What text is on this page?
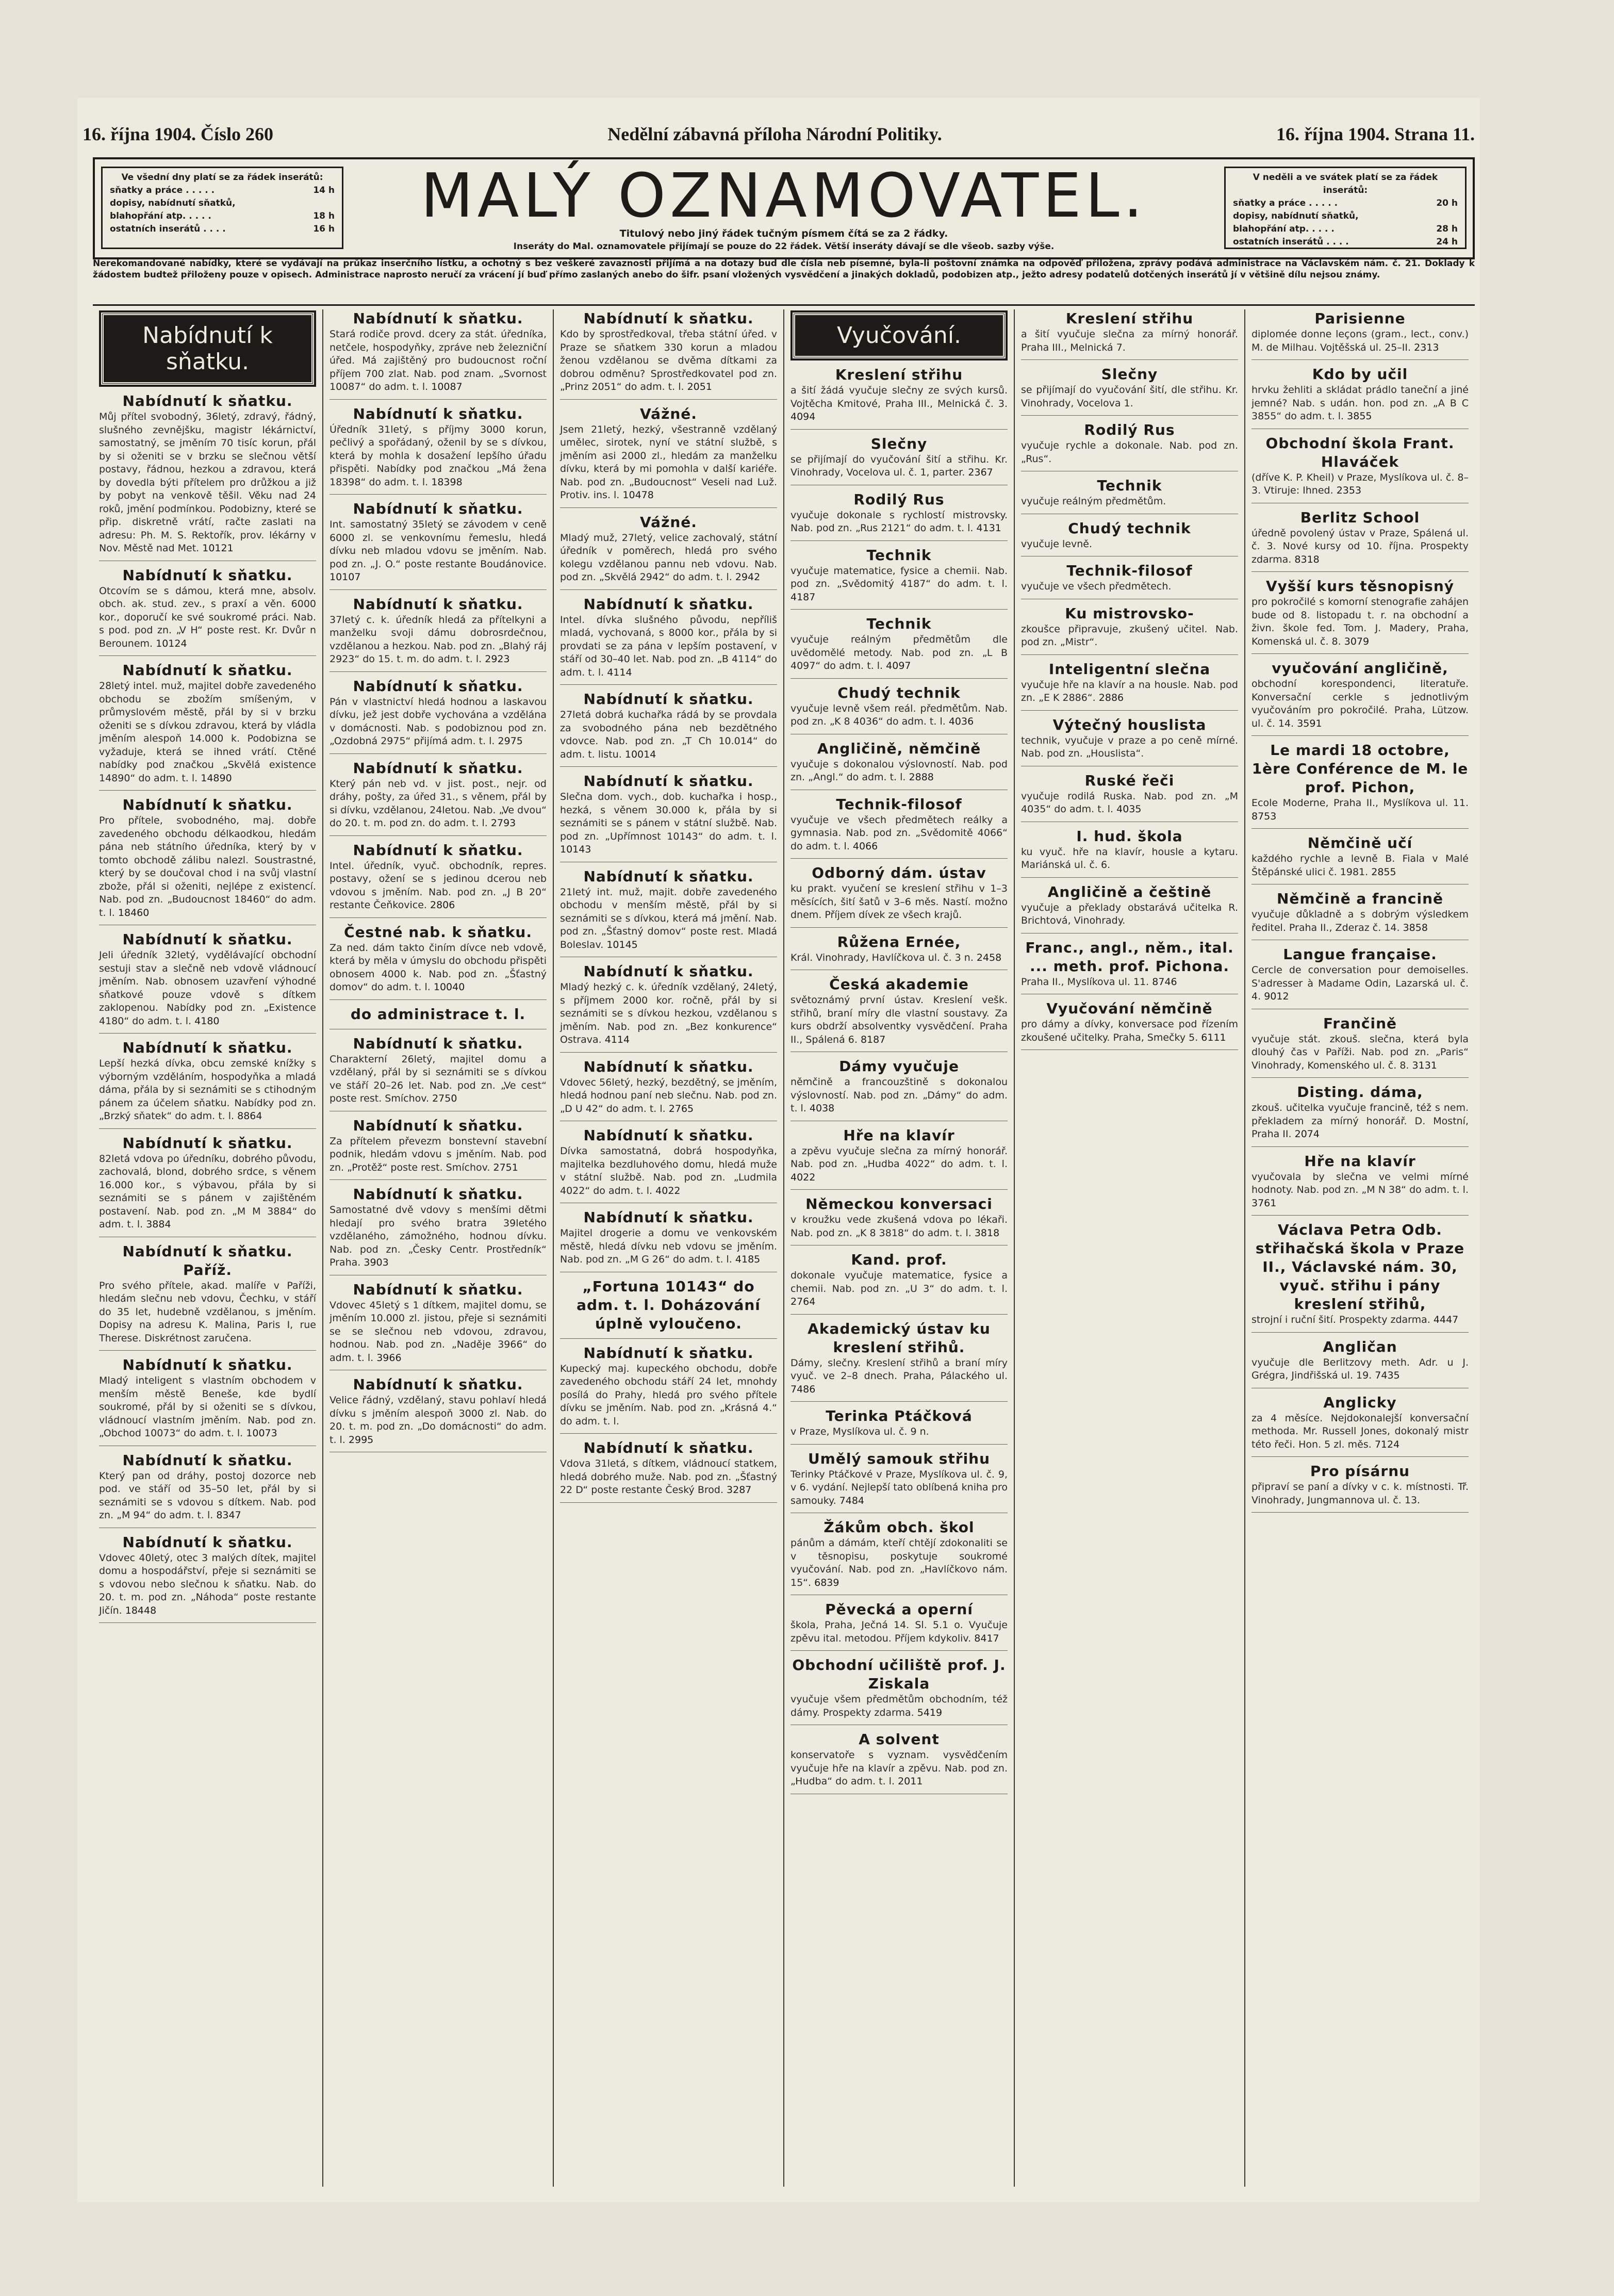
16. října 1904. Číslo 260	Nedělní zábavná příloha Národní Politiky.	16. října 1904. Strana 11.
Ve všední dny platí se za řádek inserátů:
sňatky a práce . . . . .	14 h
dopisy, nabídnutí sňatků,
blahopřání atp. . . . .	18 h
ostatních inserátů . . . .	16 h	MALÝ OZNAMOVATEL.
Titulový nebo jiný řádek tučným písmem čítá se za 2 řádky.
Inseráty do Mal. oznamovatele přijímají se pouze do 22 řádek. Větší inseráty dávají se dle všeob. sazby výše.
V neděli a ve svátek platí se za řádek inserátů:
sňatky a práce . . . . .	20 h
dopisy, nabídnutí sňatků,
blahopřání atp. . . . .	28 h
ostatních inserátů . . . .	24 h
Nerekomandované nabídky, které se vydávají na průkaz inserčního lístku, a ochotný s bez veškeré zavaznosti přijímá a na dotazy bud dle čísla neb písemné, byla-li poštovní známka na odpověď přiložena, zprávy podává administrace na Václavském nám. č. 21. Doklady k žádostem budtež přiloženy pouze v opisech. Administrace naprosto neručí za vrácení jí buď přímo zaslaných anebo do šifr. psaní vložených vysvědčení a jinakých dokladů, podobizen atp., ježto adresy podatelů dotčených inserátů jí v většině dílu nejsou známy.
Nabídnutí k sňatku.
Nabídnutí k sňatku.
Můj přítel svobodný, 36letý, zdravý, řádný, slušného zevnějšku, magistr lékárnictví, samostatný, se jměním 70 tisíc korun, přál by si oženiti se v brzku se slečnou větší postavy, řádnou, hezkou a zdravou, která by dovedla býti přítelem pro drůžkou a již by pobyt na venkově těšil. Věku nad 24 roků, jmění podmínkou. Podobizny, které se přip. diskretně vrátí, račte zaslati na adresu: Ph. M. S. Rektořík, prov. lékárny v Nov. Městě nad Met. 10121
Nabídnutí k sňatku.
Otcovím se s dámou, která mne, absolv. obch. ak. stud. zev., s praxí a věn. 6000 kor., doporučí ke své soukromé práci. Nab. s pod. pod zn. „V H“ poste rest. Kr. Dvůr n Berounem. 10124
Nabídnutí k sňatku.
28letý intel. muž, majitel dobře zavedeného obchodu se zbožím smíšeným, v průmyslovém městě, přál by si v brzku oženiti se s dívkou zdravou, která by vládla jměním alespoň 14.000 k. Podobizna se vyžaduje, která se ihned vrátí. Ctěné nabídky pod značkou „Skvělá existence 14890“ do adm. t. l. 14890
Nabídnutí k sňatku.
Pro přítele, svobodného, maj. dobře zavedeného obchodu délkaodkou, hledám pána neb státního úředníka, který by v tomto obchodě zálibu nalezl. Soustrastné, který by se doučoval chod i na svůj vlastní zbože, přál si oženiti, nejlépe z existencí. Nab. pod zn. „Budoucnost 18460“ do adm. t. l. 18460
Nabídnutí k sňatku.
Jeli úředník 32letý, vydělávající obchodní sestuji stav a slečně neb vdově vládnoucí jměním. Nab. obnosem uzavření výhodné sňatkové pouze vdově s dítkem zaklopenou. Nabídky pod zn. „Existence 4180“ do adm. t. l. 4180
Nabídnutí k sňatku.
Lepší hezká dívka, obcu zemské knížky s výborným vzděláním, hospodyňka a mladá dáma, přála by si seznámiti se s ctihodným pánem za účelem sňatku. Nabídky pod zn. „Brzký sňatek“ do adm. t. l. 8864
Nabídnutí k sňatku.
82letá vdova po úředníku, dobrého původu, zachovalá, blond, dobrého srdce, s věnem 16.000 kor., s výbavou, přála by si seznámiti se s pánem v zajištěném postavení. Nab. pod zn. „M M 3884“ do adm. t. l. 3884
Nabídnutí k sňatku. Paříž.
Pro svého přítele, akad. malíře v Paříži, hledám slečnu neb vdovu, Čechku, v stáří do 35 let, hudebně vzdělanou, s jměním. Dopisy na adresu K. Malina, Paris I, rue Therese. Diskrétnost zaručena.
Nabídnutí k sňatku.
Mladý inteligent s vlastním obchodem v menším městě Beneše, kde bydlí soukromé, přál by si oženiti se s dívkou, vládnoucí vlastním jměním. Nab. pod zn. „Obchod 10073“ do adm. t. l. 10073
Nabídnutí k sňatku.
Který pan od dráhy, postoj dozorce neb pod. ve stáří od 35–50 let, přál by si seznámiti se s vdovou s dítkem. Nab. pod zn. „M 94“ do adm. t. l. 8347
Nabídnutí k sňatku.
Vdovec 40letý, otec 3 malých dítek, majitel domu a hospodářství, přeje si seznámiti se s vdovou nebo slečnou k sňatku. Nab. do 20. t. m. pod zn. „Náhoda“ poste restante Jičín. 18448
Nabídnutí k sňatku.
Stará rodiče provd. dcery za stát. úředníka, netčele, hospodyňky, zpráve neb železniční úřed. Má zajištěný pro budoucnost roční příjem 700 zlat. Nab. pod znam. „Svornost 10087“ do adm. t. l. 10087
Nabídnutí k sňatku.
Úředník 31letý, s příjmy 3000 korun, pečlivý a spořádaný, oženil by se s dívkou, která by mohla k dosažení lepšího úřadu přispěti. Nabídky pod značkou „Má žena 18398“ do adm. t. l. 18398
Nabídnutí k sňatku.
Int. samostatný 35letý se závodem v ceně 6000 zl. se venkovnímu řemeslu, hledá dívku neb mladou vdovu se jměním. Nab. pod zn. „J. O.“ poste restante Boudánovice. 10107
Nabídnutí k sňatku.
37letý c. k. úředník hledá za přítelkyni a manželku svoji dámu dobrosrdečnou, vzdělanou a hezkou. Nab. pod zn. „Blahý ráj 2923“ do 15. t. m. do adm. t. l. 2923
Nabídnutí k sňatku.
Pán v vlastnictví hledá hodnou a laskavou dívku, jež jest dobře vychována a vzdělána v domácnosti. Nab. s podobiznou pod zn. „Ozdobná 2975“ přijímá adm. t. l. 2975
Nabídnutí k sňatku.
Který pán neb vd. v jist. post., nejr. od dráhy, pošty, za úřed 31., s věnem, přál by si dívku, vzdělanou, 24letou. Nab. „Ve dvou“ do 20. t. m. pod zn. do adm. t. l. 2793
Nabídnutí k sňatku.
Intel. úředník, vyuč. obchodník, repres. postavy, ožení se s jedinou dcerou neb vdovou s jměním. Nab. pod zn. „J B 20“ restante Čeňkovice. 2806
Čestné nab. k sňatku.
Za ned. dám takto činím dívce neb vdově, která by měla v úmyslu do obchodu přispěti obnosem 4000 k. Nab. pod zn. „Šťastný domov“ do adm. t. l. 10040
do administrace t. l.
Nabídnutí k sňatku.
Charakterní 26letý, majitel domu a vzdělaný, přál by si seznámiti se s dívkou ve stáří 20–26 let. Nab. pod zn. „Ve cest“ poste rest. Smíchov. 2750
Nabídnutí k sňatku.
Za přítelem převezm bonstevní stavební podnik, hledám vdovu s jměním. Nab. pod zn. „Protěž“ poste rest. Smíchov. 2751
Nabídnutí k sňatku.
Samostatné dvě vdovy s menšími dětmi hledají pro svého bratra 39letého vzdělaného, zámožného, hodnou dívku. Nab. pod zn. „Česky Centr. Prostředník“ Praha. 3903
Nabídnutí k sňatku.
Vdovec 45letý s 1 dítkem, majitel domu, se jměním 10.000 zl. jistou, přeje si seznámiti se se slečnou neb vdovou, zdravou, hodnou. Nab. pod zn. „Naděje 3966“ do adm. t. l. 3966
Nabídnutí k sňatku.
Velice řádný, vzdělaný, stavu pohlaví hledá dívku s jměním alespoň 3000 zl. Nab. do 20. t. m. pod zn. „Do domácnosti“ do adm. t. l. 2995
Nabídnutí k sňatku.
Kdo by sprostředkoval, třeba státní úřed. v Praze se sňatkem 330 korun a mladou ženou vzdělanou se dvěma dítkami za dobrou odměnu? Sprostředkovatel pod zn. „Prinz 2051“ do adm. t. l. 2051
Vážné.
Jsem 21letý, hezký, všestranně vzdělaný umělec, sirotek, nyní ve státní službě, s jměním asi 2000 zl., hledám za manželku dívku, která by mi pomohla v další kariéře. Nab. pod zn. „Budoucnost“ Veseli nad Luž. Protiv. ins. l. 10478
Vážné.
Mladý muž, 27letý, velice zachovalý, státní úředník v poměrech, hledá pro svého kolegu vzdělanou pannu neb vdovu. Nab. pod zn. „Skvělá 2942“ do adm. t. l. 2942
Nabídnutí k sňatku.
Intel. dívka slušného původu, nepříliš mladá, vychovaná, s 8000 kor., přála by si provdati se za pána v lepším postavení, v stáří od 30–40 let. Nab. pod zn. „B 4114“ do adm. t. l. 4114
Nabídnutí k sňatku.
27letá dobrá kuchařka rádá by se provdala za svobodného pána neb bezdětného vdovce. Nab. pod zn. „T Ch 10.014“ do adm. t. listu. 10014
Nabídnutí k sňatku.
Slečna dom. vych., dob. kuchařka i hosp., hezká, s věnem 30.000 k, přála by si seznámiti se s pánem v státní službě. Nab. pod zn. „Upřímnost 10143“ do adm. t. l. 10143
Nabídnutí k sňatku.
21letý int. muž, majit. dobře zavedeného obchodu v menším městě, přál by si seznámiti se s dívkou, která má jmění. Nab. pod zn. „Šťastný domov“ poste rest. Mladá Boleslav. 10145
Nabídnutí k sňatku.
Mladý hezký c. k. úředník vzdělaný, 24letý, s příjmem 2000 kor. ročně, přál by si seznámiti se s dívkou hezkou, vzdělanou s jměním. Nab. pod zn. „Bez konkurence“ Ostrava. 4114
Nabídnutí k sňatku.
Vdovec 56letý, hezký, bezdětný, se jměním, hledá hodnou paní neb slečnu. Nab. pod zn. „D U 42“ do adm. t. l. 2765
Nabídnutí k sňatku.
Dívka samostatná, dobrá hospodyňka, majitelka bezdluhového domu, hledá muže v státní službě. Nab. pod zn. „Ludmila 4022“ do adm. t. l. 4022
Nabídnutí k sňatku.
Majitel drogerie a domu ve venkovském městě, hledá dívku neb vdovu se jměním. Nab. pod zn. „M G 26“ do adm. t. l. 4185
„Fortuna 10143“ do adm. t. l. Doházování úplně vyloučeno.
Nabídnutí k sňatku.
Kupecký maj. kupeckého obchodu, dobře zavedeného obchodu stáří 24 let, mnohdy posílá do Prahy, hledá pro svého přítele dívku se jměním. Nab. pod zn. „Krásná 4.“ do adm. t. l.
Nabídnutí k sňatku.
Vdova 31letá, s dítkem, vládnoucí statkem, hledá dobrého muže. Nab. pod zn. „Šťastný 22 D“ poste restante Český Brod. 3287
Vyučování.
Kreslení střihu
a šití žádá vyučuje slečny ze svých kursů. Vojtěcha Kmitové, Praha III., Melnická č. 3. 4094
Slečny
se přijímají do vyučování šití a střihu. Kr. Vinohrady, Vocelova ul. č. 1, parter. 2367
Rodilý Rus
vyučuje dokonale s rychlostí mistrovsky. Nab. pod zn. „Rus 2121“ do adm. t. l. 4131
Technik
vyučuje matematice, fysice a chemii. Nab. pod zn. „Svědomitý 4187“ do adm. t. l. 4187
Technik
vyučuje reálným předmětům dle uvědomělé metody. Nab. pod zn. „L B 4097“ do adm. t. l. 4097
Chudý technik
vyučuje levně všem reál. předmětům. Nab. pod zn. „K 8 4036“ do adm. t. l. 4036
Angličině, němčině
vyučuje s dokonalou výslovností. Nab. pod zn. „Angl.“ do adm. t. l. 2888
Technik-filosof
vyučuje ve všech předmětech reálky a gymnasia. Nab. pod zn. „Svědomitě 4066“ do adm. t. l. 4066
Odborný dám. ústav
ku prakt. vyučení se kreslení střihu v 1–3 měsících, šití šatů v 3–6 měs. Nastí. možno dnem. Příjem dívek ze všech krajů.
Růžena Ernée,
Král. Vinohrady, Havlíčkova ul. č. 3 n. 2458
Česká akademie
světoznámý první ústav. Kreslení vešk. střihů, braní míry dle vlastní soustavy. Za kurs obdrží absolventky vysvědčení. Praha II., Spálená 6. 8187
Dámy vyučuje
němčině a francouzštině s dokonalou výslovností. Nab. pod zn. „Dámy“ do adm. t. l. 4038
Hře na klavír
a zpěvu vyučuje slečna za mírný honorář. Nab. pod zn. „Hudba 4022“ do adm. t. l. 4022
Německou konversaci
v kroužku vede zkušená vdova po lékaři. Nab. pod zn. „K 8 3818“ do adm. t. l. 3818
Kand. prof.
dokonale vyučuje matematice, fysice a chemii. Nab. pod zn. „U 3“ do adm. t. l. 2764
Akademický ústav ku kreslení střihů.
Dámy, slečny. Kreslení střihů a braní míry vyuč. ve 2–8 dnech. Praha, Pálackého ul. 7486
Terinka Ptáčková
v Praze, Myslíkova ul. č. 9 n.
Umělý samouk střihu
Terinky Ptáčkové v Praze, Myslíkova ul. č. 9, v 6. vydání. Nejlepší tato oblíbená kniha pro samouky. 7484
Žákům obch. škol
pánům a dámám, kteří chtějí zdokonaliti se v těsnopisu, poskytuje soukromé vyučování. Nab. pod zn. „Havlíčkovo nám. 15“. 6839
Pěvecká a operní
škola, Praha, Ječná 14. Sl. 5.1 o. Vyučuje zpěvu ital. metodou. Příjem kdykoliv. 8417
Obchodní učiliště prof. J. Ziskala
vyučuje všem předmětům obchodním, též dámy. Prospekty zdarma. 5419
A solvent
konservatoře s vyznam. vysvědčením vyučuje hře na klavír a zpěvu. Nab. pod zn. „Hudba“ do adm. t. l. 2011
Kreslení střihu
a šití vyučuje slečna za mírný honorář. Praha III., Melnická 7.
Slečny
se přijímají do vyučování šití, dle střihu. Kr. Vinohrady, Vocelova 1.
Rodilý Rus
vyučuje rychle a dokonale. Nab. pod zn. „Rus“.
Technik
vyučuje reálným předmětům.
Chudý technik
vyučuje levně.
Technik-filosof
vyučuje ve všech předmětech.
Ku mistrovsko-
zkoušce připravuje, zkušený učitel. Nab. pod zn. „Mistr“.
Inteligentní slečna
vyučuje hře na klavír a na housle. Nab. pod zn. „E K 2886“. 2886
Výtečný houslista
technik, vyučuje v praze a po ceně mírné. Nab. pod zn. „Houslista“.
Ruské řeči
vyučuje rodilá Ruska. Nab. pod zn. „M 4035“ do adm. t. l. 4035
I. hud. škola
ku vyuč. hře na klavír, housle a kytaru. Mariánská ul. č. 6.
Angličině a češtině
vyučuje a překlady obstarává učitelka R. Brichtová, Vinohrady.
Franc., angl., něm., ital. ... meth. prof. Pichona.
Praha II., Myslíkova ul. 11. 8746
Vyučování němčině
pro dámy a dívky, konversace pod řízením zkoušené učitelky. Praha, Smečky 5. 6111
Parisienne
diplomée donne leçons (gram., lect., conv.) M. de Milhau. Vojtěšská ul. 25–II. 2313
Kdo by učil
hrvku žehliti a skládat prádlo taneční a jiné jemné? Nab. s udán. hon. pod zn. „A B C 3855“ do adm. t. l. 3855
Obchodní škola Frant. Hlaváček
(dříve K. P. Kheil) v Praze, Myslíkova ul. č. 8–3. Vtiruje: Ihned. 2353
Berlitz School
úředně povolený ústav v Praze, Spálená ul. č. 3. Nové kursy od 10. října. Prospekty zdarma. 8318
Vyšší kurs těsnopisný
pro pokročilé s komorní stenografie zahájen bude od 8. listopadu t. r. na obchodní a živn. škole fed. Tom. J. Madery, Praha, Komenská ul. č. 8. 3079
vyučování angličině,
obchodní korespondenci, literatuře. Konversační cerkle s jednotlivým vyučováním pro pokročilé. Praha, Lützow. ul. č. 14. 3591
Le mardi 18 octobre, 1ère Conférence de M. le prof. Pichon,
Ecole Moderne, Praha II., Myslíkova ul. 11. 8753
Němčině učí
každého rychle a levně B. Fiala v Malé Štěpánské ulici č. 1981. 2855
Němčině a francině
vyučuje důkladně a s dobrým výsledkem ředitel. Praha II., Zderaz č. 14. 3858
Langue française.
Cercle de conversation pour demoiselles. S'adresser à Madame Odin, Lazarská ul. č. 4. 9012
Frančině
vyučuje stát. zkouš. slečna, která byla dlouhý čas v Paříži. Nab. pod zn. „Paris“ Vinohrady, Komenského ul. č. 8. 3131
Disting. dáma,
zkouš. učitelka vyučuje francině, též s nem. překladem za mírný honorář. D. Mostní, Praha II. 2074
Hře na klavír
vyučovala by slečna ve velmi mírné hodnoty. Nab. pod zn. „M N 38“ do adm. t. l. 3761
Václava Petra Odb. střihačská škola v Praze II., Václavské nám. 30, vyuč. střihu i pány kreslení střihů,
strojní i ruční šití. Prospekty zdarma. 4447
Angličan
vyučuje dle Berlitzovy meth. Adr. u J. Grégra, Jindřišská ul. 19. 7435
Anglicky
za 4 měsíce. Nejdokonalejší konversační methoda. Mr. Russell Jones, dokonalý mistr této řeči. Hon. 5 zl. měs. 7124
Pro písárnu
připraví se paní a dívky v c. k. místnosti. Tř. Vinohrady, Jungmannova ul. č. 13.
